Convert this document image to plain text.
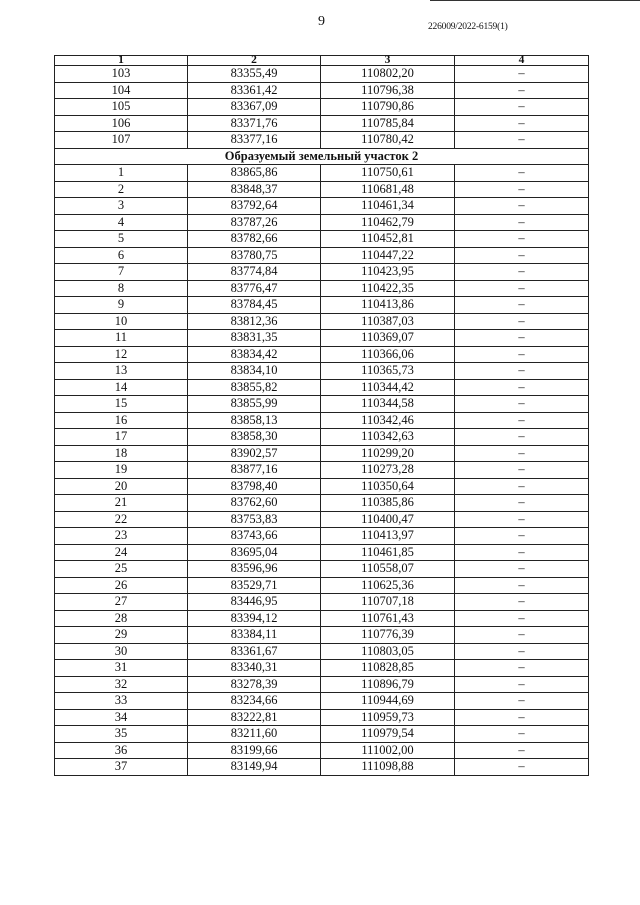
9	226009/2022-6159(1)
1	2	3	4
103	83355,49	110802,20	–
104	83361,42	110796,38	–
105	83367,09	110790,86	–
106	83371,76	110785,84	–
107	83377,16	110780,42	–
Образуемый земельный участок 2			
1	83865,86	110750,61	–
2	83848,37	110681,48	–
3	83792,64	110461,34	–
4	83787,26	110462,79	–
5	83782,66	110452,81	–
6	83780,75	110447,22	–
7	83774,84	110423,95	–
8	83776,47	110422,35	–
9	83784,45	110413,86	–
10	83812,36	110387,03	–
11	83831,35	110369,07	–
12	83834,42	110366,06	–
13	83834,10	110365,73	–
14	83855,82	110344,42	–
15	83855,99	110344,58	–
16	83858,13	110342,46	–
17	83858,30	110342,63	–
18	83902,57	110299,20	–
19	83877,16	110273,28	–
20	83798,40	110350,64	–
21	83762,60	110385,86	–
22	83753,83	110400,47	–
23	83743,66	110413,97	–
24	83695,04	110461,85	–
25	83596,96	110558,07	–
26	83529,71	110625,36	–
27	83446,95	110707,18	–
28	83394,12	110761,43	–
29	83384,11	110776,39	–
30	83361,67	110803,05	–
31	83340,31	110828,85	–
32	83278,39	110896,79	–
33	83234,66	110944,69	–
34	83222,81	110959,73	–
35	83211,60	110979,54	–
36	83199,66	111002,00	–
37	83149,94	111098,88	–
